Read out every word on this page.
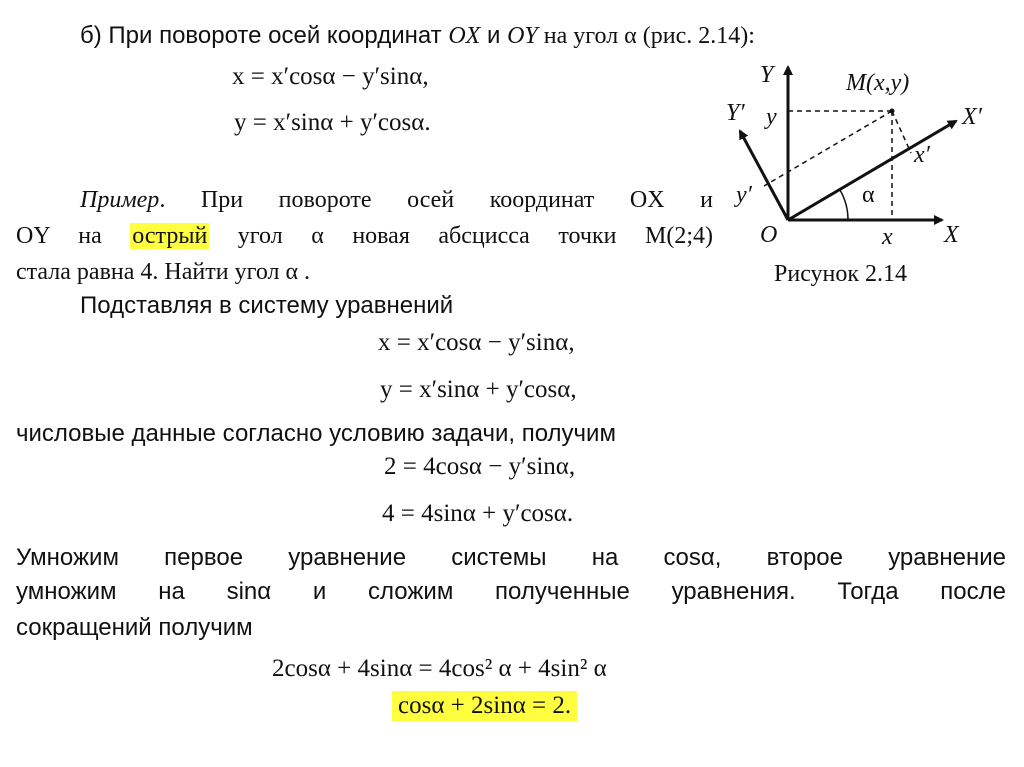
б) При повороте осей координат OX и OY на угол α (рис. 2.14):
x = x′cosα − y′sinα,
y = x′sinα + y′cosα.
Пример. При повороте осей координат OX и
OY на острый угол α новая абсцисса точки M(2;4)
стала равна 4. Найти угол α .
Подставляя в систему уравнений
x = x′cosα − y′sinα,
y = x′sinα + y′cosα,
числовые данные согласно условию задачи, получим
2 = 4cosα − y′sinα,
4 = 4sinα + y′cosα.
Умножим первое уравнение системы на cosα, второе уравнение
умножим на sinα и сложим полученные уравнения. Тогда после
сокращений получим
2cosα + 4sinα = 4cos² α + 4sin² α
cosα + 2sinα = 2.
Y	M(x,y)
Y′ y	X′
x′
y′	α
O	x X
Рисунок 2.14
